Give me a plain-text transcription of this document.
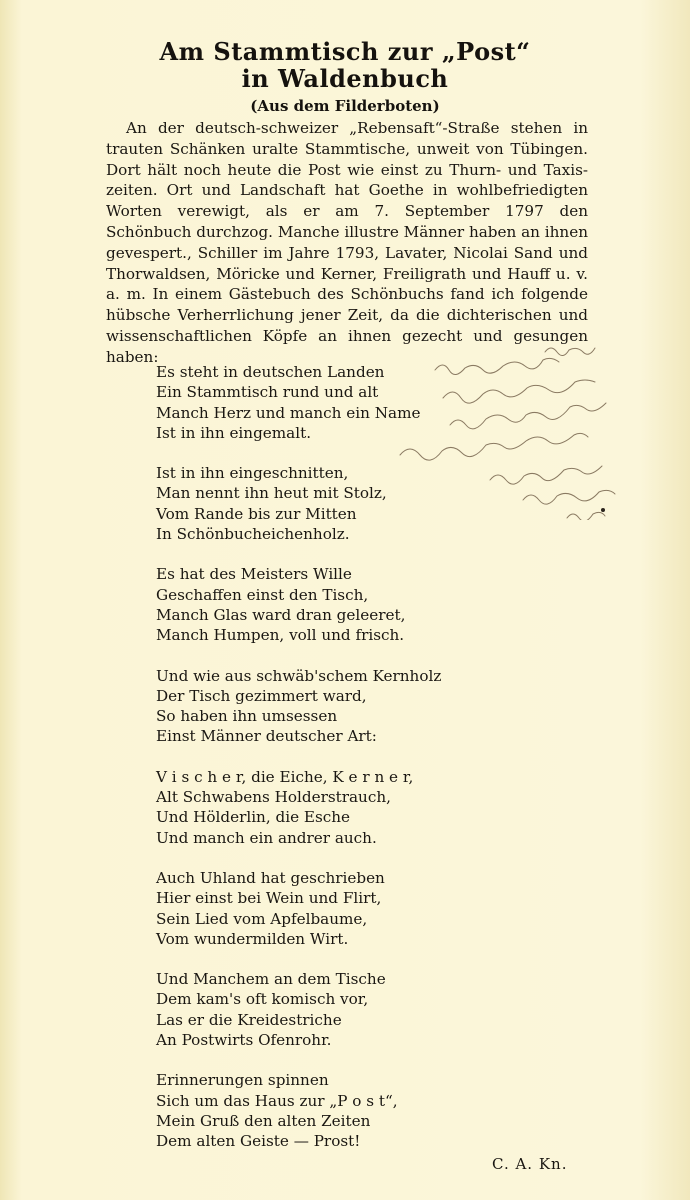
Am Stammtisch zur „Post“
in Waldenbuch
(Aus dem Filderboten)

An der deutsch-schweizer „Rebensaft“-Straße stehen in trauten Schänken uralte Stammtische, unweit von Tübingen. Dort hält noch heute die Post wie einst zu Thurn- und Taxis-zeiten. Ort und Landschaft hat Goethe in wohlbefriedigten Worten verewigt, als er am 7. September 1797 den Schönbuch durchzog. Manche illustre Männer haben an ihnen gevespert., Schiller im Jahre 1793, Lavater, Nicolai Sand und Thorwaldsen, Möricke und Kerner, Freiligrath und Hauff u. v. a. m. In einem Gästebuch des Schönbuchs fand ich folgende hübsche Verherrlichung jener Zeit, da die dichterischen und wissenschaftlichen Köpfe an ihnen gezecht und gesungen haben:

Es steht in deutschen Landen
Ein Stammtisch rund und alt
Manch Herz und manch ein Name
Ist in ihn eingemalt.
Ist in ihn eingeschnitten,
Man nennt ihn heut mit Stolz,
Vom Rande bis zur Mitten
In Schönbucheichenholz.
Es hat des Meisters Wille
Geschaffen einst den Tisch,
Manch Glas ward dran geleeret,
Manch Humpen, voll und frisch.
Und wie aus schwäb'schem Kernholz
Der Tisch gezimmert ward,
So haben ihn umsessen
Einst Männer deutscher Art:
V i s c h e r, die Eiche, K e r n e r,
Alt Schwabens Holderstrauch,
Und Hölderlin, die Esche
Und manch ein andrer auch.
Auch Uhland hat geschrieben
Hier einst bei Wein und Flirt,
Sein Lied vom Apfelbaume,
Vom wundermilden Wirt.
Und Manchem an dem Tische
Dem kam's oft komisch vor,
Las er die Kreidestriche
An Postwirts Ofenrohr.
Erinnerungen spinnen
Sich um das Haus zur „P o s t“,
Mein Gruß den alten Zeiten
Dem alten Geiste — Prost!
C. A. Kn.
